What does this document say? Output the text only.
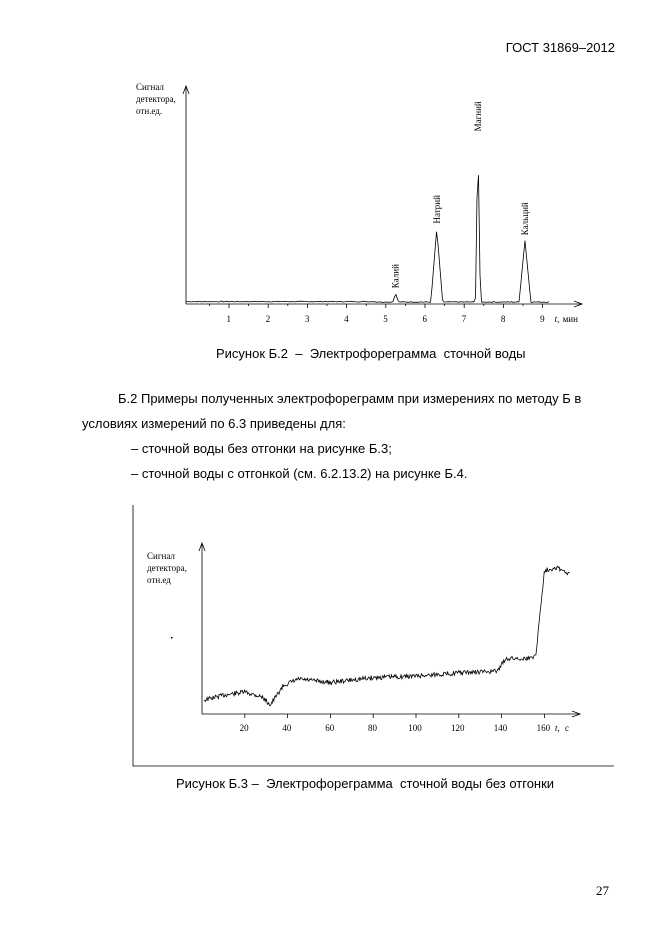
ГОСТ 31869–2012
Сигнал
детектора,
отн.ед.
1	2	3	4	5	6	7	8	9 t, мин
Калий
Натрий
Магний
Кальций
Рисунок Б.2  –  Электрофореграмма  сточной воды
Б.2 Примеры полученных электрофореграмм при измерениях по методу Б в
условиях измерений по 6.3 приведены для:
– сточной воды без отгонки на рисунке Б.3;
– сточной воды с отгонкой (см. 6.2.13.2) на рисунке Б.4.
Сигнал
детектора,
отн.ед
20	40	60	80	100	120	140	160 t, с
Рисунок Б.3 –  Электрофореграмма  сточной воды без отгонки
27
